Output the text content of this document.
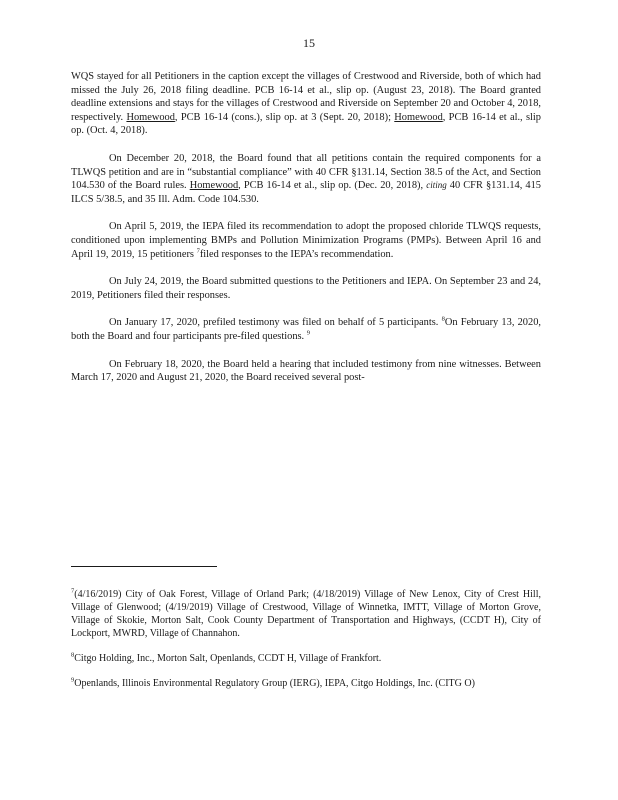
15

WQS stayed for all Petitioners in the caption except the villages of Crestwood and Riverside, both of which had missed the July 26, 2018 filing deadline. PCB 16-14 et al., slip op. (August 23, 2018). The Board granted deadline extensions and stays for the villages of Crestwood and Riverside on September 20 and October 4, 2018, respectively. Homewood, PCB 16-14 (cons.), slip op. at 3 (Sept. 20, 2018); Homewood, PCB 16-14 et al., slip op. (Oct. 4, 2018).

On December 20, 2018, the Board found that all petitions contain the required components for a TLWQS petition and are in “substantial compliance” with 40 CFR §131.14, Section 38.5 of the Act, and Section 104.530 of the Board rules. Homewood, PCB 16-14 et al., slip op. (Dec. 20, 2018), citing 40 CFR §131.14, 415 ILCS 5/38.5, and 35 Ill. Adm. Code 104.530.

On April 5, 2019, the IEPA filed its recommendation to adopt the proposed chloride TLWQS requests, conditioned upon implementing BMPs and Pollution Minimization Programs (PMPs). Between April 16 and April 19, 2019, 15 petitioners $^7$filed responses to the IEPA’s recommendation.

On July 24, 2019, the Board submitted questions to the Petitioners and IEPA. On September 23 and 24, 2019, Petitioners filed their responses.

On January 17, 2020, prefiled testimony was filed on behalf of 5 participants. $^8$On February 13, 2020, both the Board and four participants pre-filed questions. $^9$

On February 18, 2020, the Board held a hearing that included testimony from nine witnesses. Between March 17, 2020 and August 21, 2020, the Board received several post-

$^7$(4/16/2019) City of Oak Forest, Village of Orland Park; (4/18/2019) Village of New Lenox, City of Crest Hill, Village of Glenwood; (4/19/2019) Village of Crestwood, Village of Winnetka, IMTT, Village of Morton Grove, Village of Skokie, Morton Salt, Cook County Department of Transportation and Highways, (CCDT H), City of Lockport, MWRD, Village of Channahon.

$^8$Citgo Holding, Inc., Morton Salt, Openlands, CCDT H, Village of Frankfort.

$^9$Openlands, Illinois Environmental Regulatory Group (IERG), IEPA, Citgo Holdings, Inc. (CITG O)
